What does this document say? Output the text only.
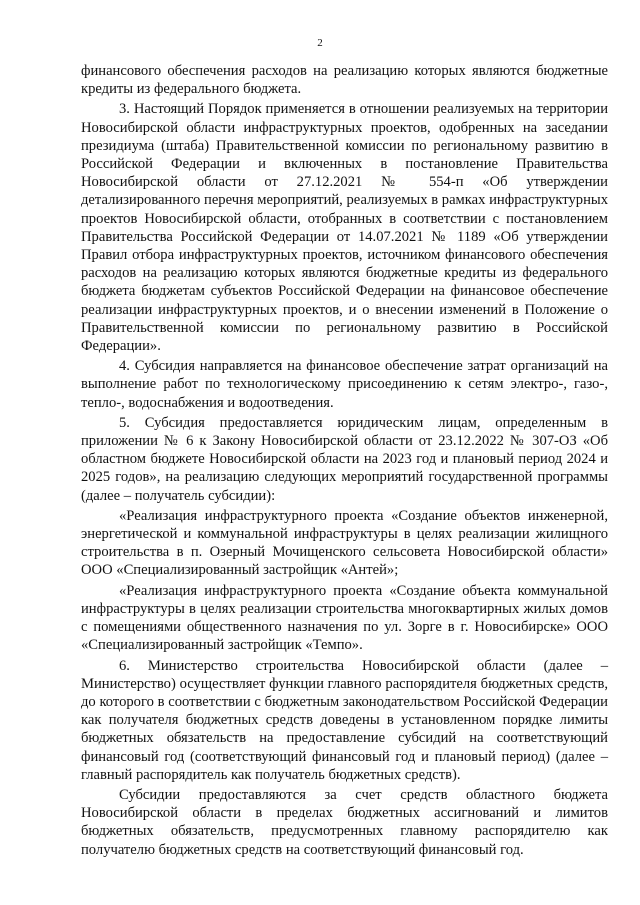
2

финансового обеспечения расходов на реализацию которых являются бюджетные кредиты из федерального бюджета.

3. Настоящий Порядок применяется в отношении реализуемых на территории Новосибирской области инфраструктурных проектов, одобренных на заседании президиума (штаба) Правительственной комиссии по региональному развитию в Российской Федерации и включенных в постановление Правительства Новосибирской области от 27.12.2021 № 554-п «Об утверждении детализированного перечня мероприятий, реализуемых в рамках инфраструктурных проектов Новосибирской области, отобранных в соответствии с постановлением Правительства Российской Федерации от 14.07.2021 № 1189 «Об утверждении Правил отбора инфраструктурных проектов, источником финансового обеспечения расходов на реализацию которых являются бюджетные кредиты из федерального бюджета бюджетам субъектов Российской Федерации на финансовое обеспечение реализации инфраструктурных проектов, и о внесении изменений в Положение о Правительственной комиссии по региональному развитию в Российской Федерации».

4. Субсидия направляется на финансовое обеспечение затрат организаций на выполнение работ по технологическому присоединению к сетям электро-, газо-, тепло-, водоснабжения и водоотведения.

5. Субсидия предоставляется юридическим лицам, определенным в приложении № 6 к Закону Новосибирской области от 23.12.2022 № 307-ОЗ «Об областном бюджете Новосибирской области на 2023 год и плановый период 2024 и 2025 годов», на реализацию следующих мероприятий государственной программы (далее – получатель субсидии):

«Реализация инфраструктурного проекта «Создание объектов инженерной, энергетической и коммунальной инфраструктуры в целях реализации жилищного строительства в п. Озерный Мочищенского сельсовета Новосибирской области» ООО «Специализированный застройщик «Антей»;

«Реализация инфраструктурного проекта «Создание объекта коммунальной инфраструктуры в целях реализации строительства многоквартирных жилых домов с помещениями общественного назначения по ул. Зорге в г. Новосибирске» ООО «Специализированный застройщик «Темпо».

6. Министерство строительства Новосибирской области (далее – Министерство) осуществляет функции главного распорядителя бюджетных средств, до которого в соответствии с бюджетным законодательством Российской Федерации как получателя бюджетных средств доведены в установленном порядке лимиты бюджетных обязательств на предоставление субсидий на соответствующий финансовый год (соответствующий финансовый год и плановый период) (далее – главный распорядитель как получатель бюджетных средств).

Субсидии предоставляются за счет средств областного бюджета Новосибирской области в пределах бюджетных ассигнований и лимитов бюджетных обязательств, предусмотренных главному распорядителю как получателю бюджетных средств на соответствующий финансовый год.
